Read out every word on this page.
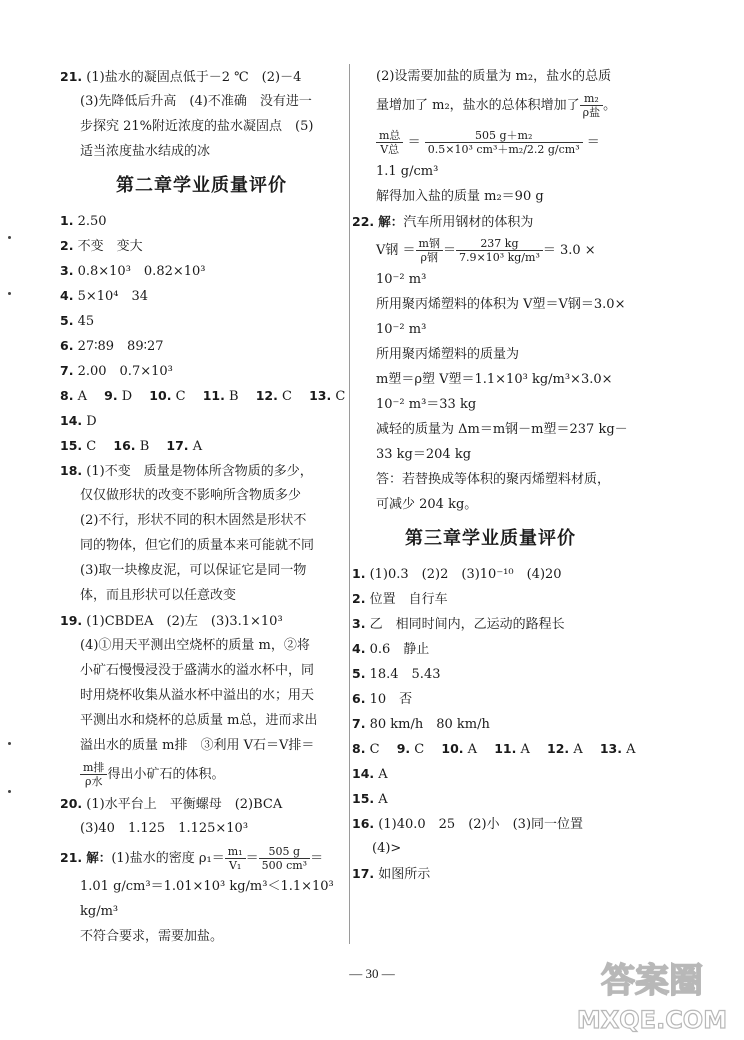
21. (1)盐水的凝固点低于－2 ℃　(2)－4
(3)先降低后升高　(4)不准确　没有进一
步探究 21%附近浓度的盐水凝固点　(5)
适当浓度盐水结成的冰
第二章学业质量评价
1. 2.50
2. 不变　变大
3. 0.8×10³　0.82×10³
4. 5×10⁴　34
5. 45
6. 27∶89　89∶27
7. 2.00　0.7×10³
8. A　 9. D　 10. C　 11. B　 12. C　 13. C
14. D
15. C　 16. B　 17. A
18. (1)不变　质量是物体所含物质的多少，
仅仅做形状的改变不影响所含物质多少
(2)不行，形状不同的积木固然是形状不
同的物体，但它们的质量本来可能就不同
(3)取一块橡皮泥，可以保证它是同一物
体，而且形状可以任意改变
19. (1)CBDEA　(2)左　(3)3.1×10³
(4)①用天平测出空烧杯的质量 m，②将
小矿石慢慢浸没于盛满水的溢水杯中，同
时用烧杯收集从溢水杯中溢出的水；用天
平测出水和烧杯的总质量 m总，进而求出
溢出水的质量 m排　③利用 V石＝V排＝
$\frac{\text{m排}}{\text{ρ水}}$ 得出小矿石的体积。
20. (1)水平台上　平衡螺母　(2)BCA
(3)40　1.125　1.125×10³
21. 解：(1)盐水的密度 $\rho_1= \frac{\text{m₁}}{\text{V₁}} = \frac{505 g}{\text{500 cm³}}$ ＝
1.01 g/cm³＝1.01×10³ kg/m³＜1.1×10³
kg/m³
不符合要求，需要加盐。
(2)设需要加盐的质量为 m₂，盐水的总质
量增加了 m₂，盐水的总体积增加了 $\frac{\text{m₂}}{\text{ρ盐}}$ 。
$\frac{\text{m总}}{\text{V总}} = \frac{\text{505 g＋m₂}}{\text{0.5×10³ cm³＋m₂/2.2 g/cm³}}$ ＝
1.1 g/cm³
解得加入盐的质量 m₂＝90 g
22. 解：汽车所用钢材的体积为
V钢 ＝ $\frac{\text{m钢}}{\text{ρ钢}} = \frac{237 kg}{\text{7.9×10³ kg/m³}} = 3.0$ ×
10⁻² m³
所用聚丙烯塑料的体积为 V塑＝V钢＝3.0×
10⁻² m³
所用聚丙烯塑料的质量为
m塑＝ρ塑 V塑＝1.1×10³ kg/m³×3.0×
10⁻² m³＝33 kg
减轻的质量为 Δm＝m钢－m塑＝237 kg－
33 kg＝204 kg
答：若替换成等体积的聚丙烯塑料材质，
可减少 204 kg。
第三章学业质量评价
1. (1)0.3　(2)2　(3)10⁻¹⁰　(4)20
2. 位置　自行车
3. 乙　相同时间内，乙运动的路程长
4. 0.6　静止
5. 18.4　5.43
6. 10　否
7. 80 km/h　80 km/h
8. C　 9. C　 10. A　 11. A　 12. A　 13. A
14. A
15. A
16. (1)40.0　25　(2)小　(3)同一位置
(4)>
17. 如图所示
— 30 —	答案圈
MXQE.COM
